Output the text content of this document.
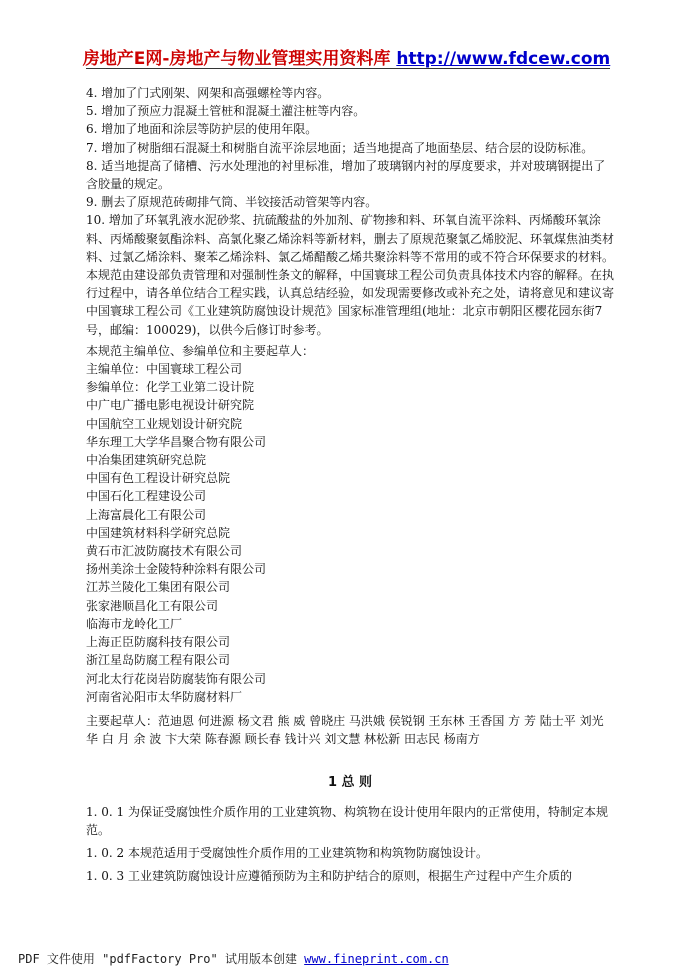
房地产E网-房地产与物业管理实用资料库 http://www.fdcew.com

4. 增加了门式刚架、网架和高强螺栓等内容。

5. 增加了预应力混凝土管桩和混凝土灌注桩等内容。

6. 增加了地面和涂层等防护层的使用年限。

7. 增加了树脂细石混凝土和树脂自流平涂层地面；适当地提高了地面垫层、结合层的设防标准。

8. 适当地提高了储槽、污水处理池的衬里标准，增加了玻璃钢内衬的厚度要求，并对玻璃钢提出了含胶量的规定。

9. 删去了原规范砖砌排气筒、半铰接活动管架等内容。

10. 增加了环氧乳液水泥砂浆、抗硫酸盐的外加剂、矿物掺和料、环氧自流平涂料、丙烯酸环氧涂料、丙烯酸聚氨酯涂料、高氯化聚乙烯涂料等新材料，删去了原规范聚氯乙烯胶泥、环氧煤焦油类材料、过氯乙烯涂料、聚苯乙烯涂料、氯乙烯醋酸乙烯共聚涂料等不常用的或不符合环保要求的材料。

本规范由建设部负责管理和对强制性条文的解释，中国寰球工程公司负责具体技术内容的解释。在执行过程中，请各单位结合工程实践，认真总结经验，如发现需要修改或补充之处，请将意见和建议寄中国寰球工程公司《工业建筑防腐蚀设计规范》国家标准管理组(地址：北京市朝阳区樱花园东街7号，邮编：100029)，以供今后修订时参考。

本规范主编单位、参编单位和主要起草人：

主编单位：中国寰球工程公司

参编单位：化学工业第二设计院
中广电广播电影电视设计研究院
中国航空工业规划设计研究院
华东理工大学华昌聚合物有限公司
中冶集团建筑研究总院
中国有色工程设计研究总院
中国石化工程建设公司
上海富晨化工有限公司
中国建筑材料科学研究总院
黄石市汇波防腐技术有限公司
扬州美涂士金陵特种涂料有限公司
江苏兰陵化工集团有限公司
张家港顺昌化工有限公司
临海市龙岭化工厂
上海正臣防腐科技有限公司
浙江星岛防腐工程有限公司
河北太行花岗岩防腐装饰有限公司
河南省沁阳市太华防腐材料厂

主要起草人：范迪恩 何进源 杨文君 熊 威 曾晓庄 马洪娥 侯锐钢 王东林 王香国 方 芳 陆士平 刘光华 白 月 余 波 卞大荣 陈春源 顾长春 钱计兴 刘文慧 林松新 田志民 杨南方

1 总 则

1. 0. 1 为保证受腐蚀性介质作用的工业建筑物、构筑物在设计使用年限内的正常使用，特制定本规范。

1. 0. 2 本规范适用于受腐蚀性介质作用的工业建筑物和构筑物防腐蚀设计。

1. 0. 3 工业建筑防腐蚀设计应遵循预防为主和防护结合的原则，根据生产过程中产生介质的

PDF 文件使用 "pdfFactory Pro" 试用版本创建 www.fineprint.com.cn
